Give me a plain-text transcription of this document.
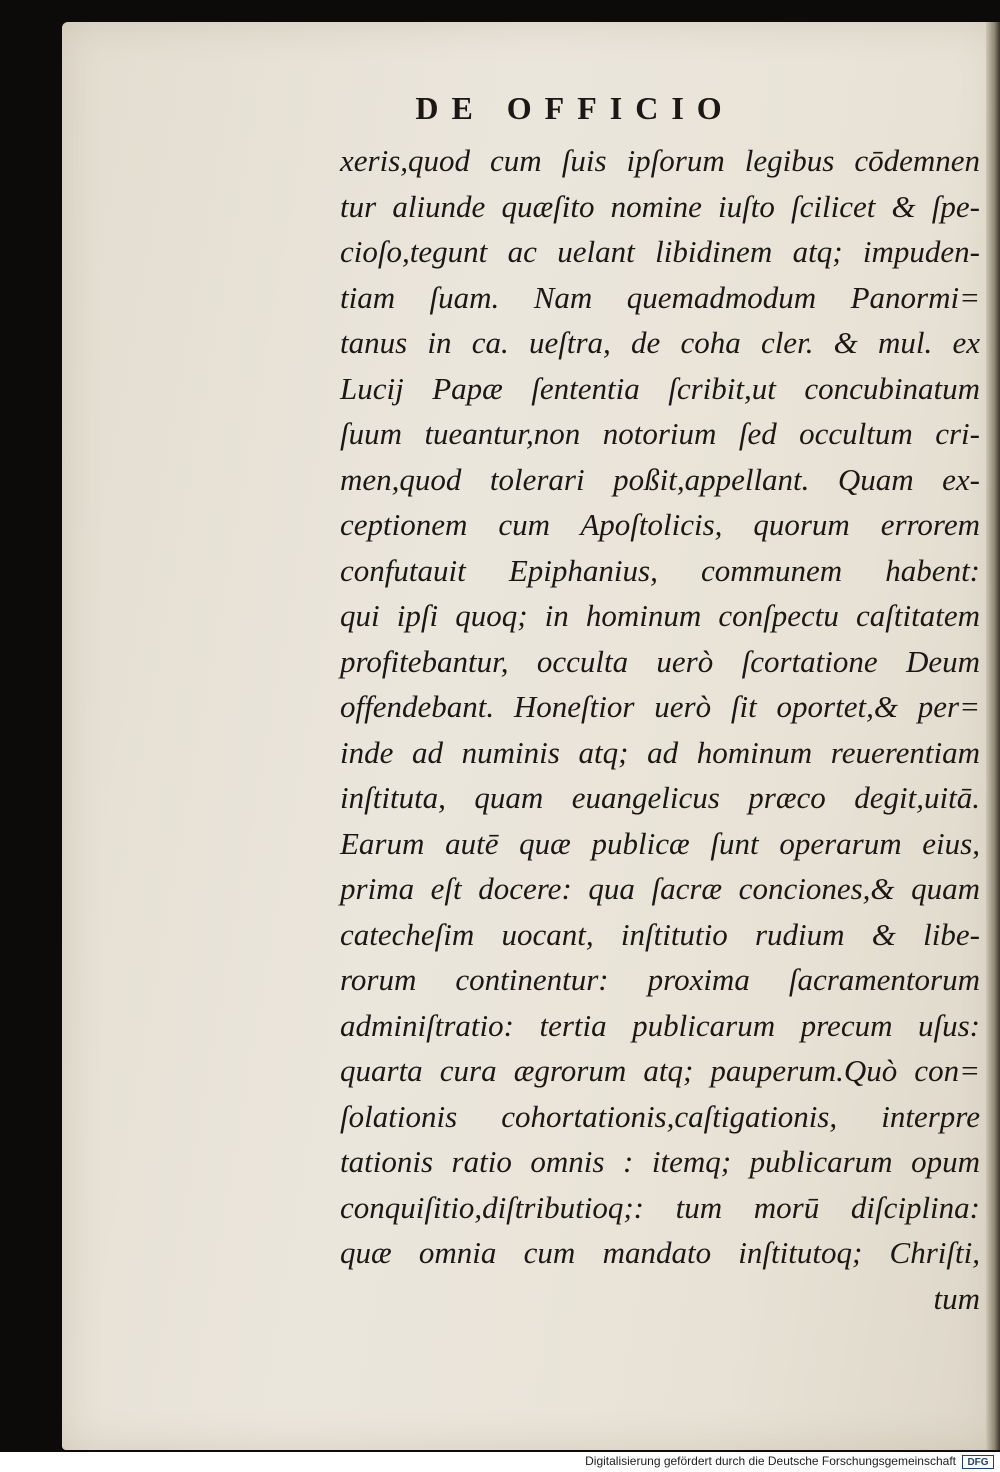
DE OFFICIO
xeris,quod cum ſuis ipſorum legibus cōdemnen
tur aliunde quæſito nomine iuſto ſcilicet & ſpe-
cioſo,tegunt ac uelant libidinem atq; impuden-
tiam ſuam. Nam quemadmodum Panormi=
tanus in ca. ueſtra, de coha cler. & mul. ex
Lucij Papæ ſententia ſcribit,ut concubinatum
ſuum tueantur,non notorium ſed occultum cri-
men,quod tolerari poßit,appellant. Quam ex-
ceptionem cum Apoſtolicis, quorum errorem
confutauit Epiphanius, communem habent:
qui ipſi quoq; in hominum conſpectu caſtitatem
profitebantur, occulta uerò ſcortatione Deum
offendebant. Honeſtior uerò ſit oportet,& per=
inde ad numinis atq; ad hominum reuerentiam
inſtituta, quam euangelicus præco degit,uitā.
Earum autē quæ publicæ ſunt operarum eius,
prima eſt docere: qua ſacræ conciones,& quam
catecheſim uocant, inſtitutio rudium & libe-
rorum continentur: proxima ſacramentorum
adminiſtratio: tertia publicarum precum uſus:
quarta cura ægrorum atq; pauperum.Quò con=
ſolationis cohortationis,caſtigationis, interpre
tationis ratio omnis : itemq; publicarum opum
conquiſitio,diſtributioq;: tum morū diſciplina:
quæ omnia cum mandato inſtitutoq; Chriſti,
tum
Digitalisierung gefördert durch die Deutsche Forschungsgemeinschaft	DFG
